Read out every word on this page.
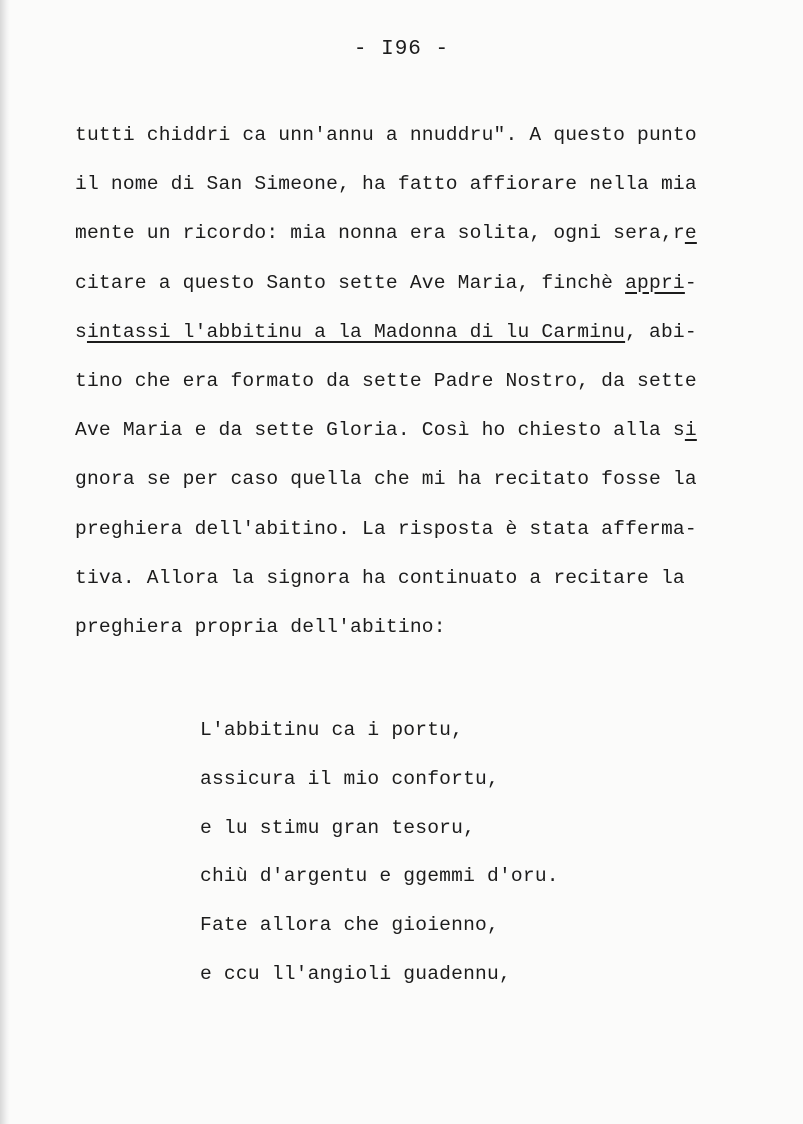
- I96 -
tutti chiddri ca unn'annu a nnuddru". A questo punto
il nome di San Simeone, ha fatto affiorare nella mia
mente un ricordo: mia nonna era solita, ogni sera,re
citare a questo Santo sette Ave Maria, finchè appri-
sintassi l'abbitinu a la Madonna di lu Carminu, abi-
tino che era formato da sette Padre Nostro, da sette
Ave Maria e da sette Gloria. Così ho chiesto alla si
gnora se per caso quella che mi ha recitato fosse la
preghiera dell'abitino. La risposta è stata afferma-
tiva. Allora la signora ha continuato a recitare la
preghiera propria dell'abitino:
L'abbitinu ca i portu,
assicura il mio confortu,
e lu stimu gran tesoru,
chiù d'argentu e ggemmi d'oru.
Fate allora che gioienno,
e ccu ll'angioli guadennu,
